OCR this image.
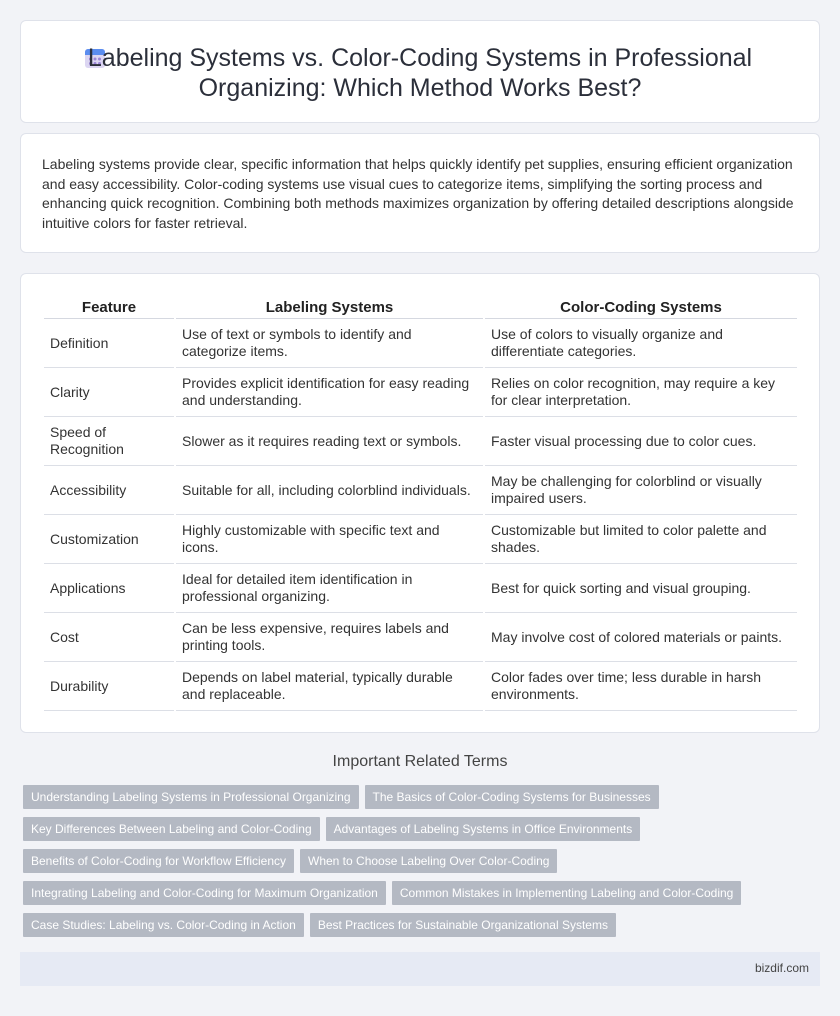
Labeling Systems vs. Color-Coding Systems in Professional Organizing: Which Method Works Best?

Labeling systems provide clear, specific information that helps quickly identify pet supplies, ensuring efficient organization and easy accessibility. Color-coding systems use visual cues to categorize items, simplifying the sorting process and enhancing quick recognition. Combining both methods maximizes organization by offering detailed descriptions alongside intuitive colors for faster retrieval.

Feature	Labeling Systems	Color-Coding Systems
Definition	Use of text or symbols to identify and categorize items.	Use of colors to visually organize and differentiate categories.
Clarity	Provides explicit identification for easy reading and understanding.	Relies on color recognition, may require a key for clear interpretation.
Speed of Recognition	Slower as it requires reading text or symbols.	Faster visual processing due to color cues.
Accessibility	Suitable for all, including colorblind individuals.	May be challenging for colorblind or visually impaired users.
Customization	Highly customizable with specific text and icons.	Customizable but limited to color palette and shades.
Applications	Ideal for detailed item identification in professional organizing.	Best for quick sorting and visual grouping.
Cost	Can be less expensive, requires labels and printing tools.	May involve cost of colored materials or paints.
Durability	Depends on label material, typically durable and replaceable.	Color fades over time; less durable in harsh environments.
Important Related Terms
Understanding Labeling Systems in Professional Organizing The Basics of Color-Coding Systems for Businesses
Key Differences Between Labeling and Color-Coding Advantages of Labeling Systems in Office Environments
Benefits of Color-Coding for Workflow Efficiency When to Choose Labeling Over Color-Coding
Integrating Labeling and Color-Coding for Maximum Organization Common Mistakes in Implementing Labeling and Color-Coding
Case Studies: Labeling vs. Color-Coding in Action Best Practices for Sustainable Organizational Systems
bizdif.com
